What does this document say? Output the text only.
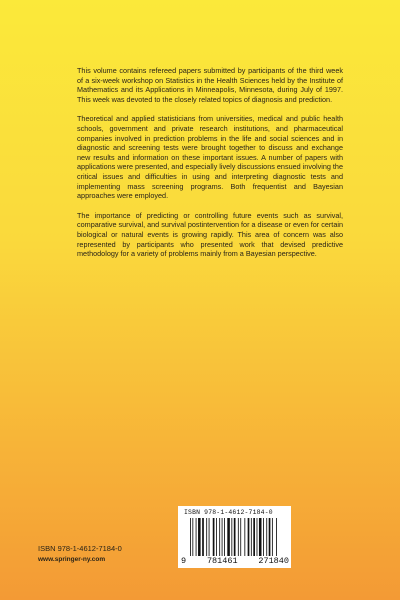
This volume contains refereed papers submitted by participants of the third week of a six-week workshop on Statistics in the Health Sciences held by the Institute of Mathematics and its Applications in Minneapolis, Minnesota, during July of 1997. This week was devoted to the closely related topics of diagnosis and prediction.

Theoretical and applied statisticians from universities, medical and public health schools, government and private research institutions, and pharmaceutical companies involved in prediction problems in the life and social sciences and in diagnostic and screening tests were brought together to discuss and exchange new results and information on these important issues. A number of papers with applications were presented, and especially lively discussions ensued involving the critical issues and difficulties in using and interpreting diagnostic tests and implementing mass screening programs. Both frequentist and Bayesian approaches were employed.

The importance of predicting or controlling future events such as survival, comparative survival, and survival postintervention for a disease or even for certain biological or natural events is growing rapidly. This area of concern was also represented by participants who presented work that devised predictive methodology for a variety of problems mainly from a Bayesian perspective.

ISBN 978-1-4612-7184-0
www.springer-ny.com
ISBN 978-1-4612-7184-0
9 781461 271840
